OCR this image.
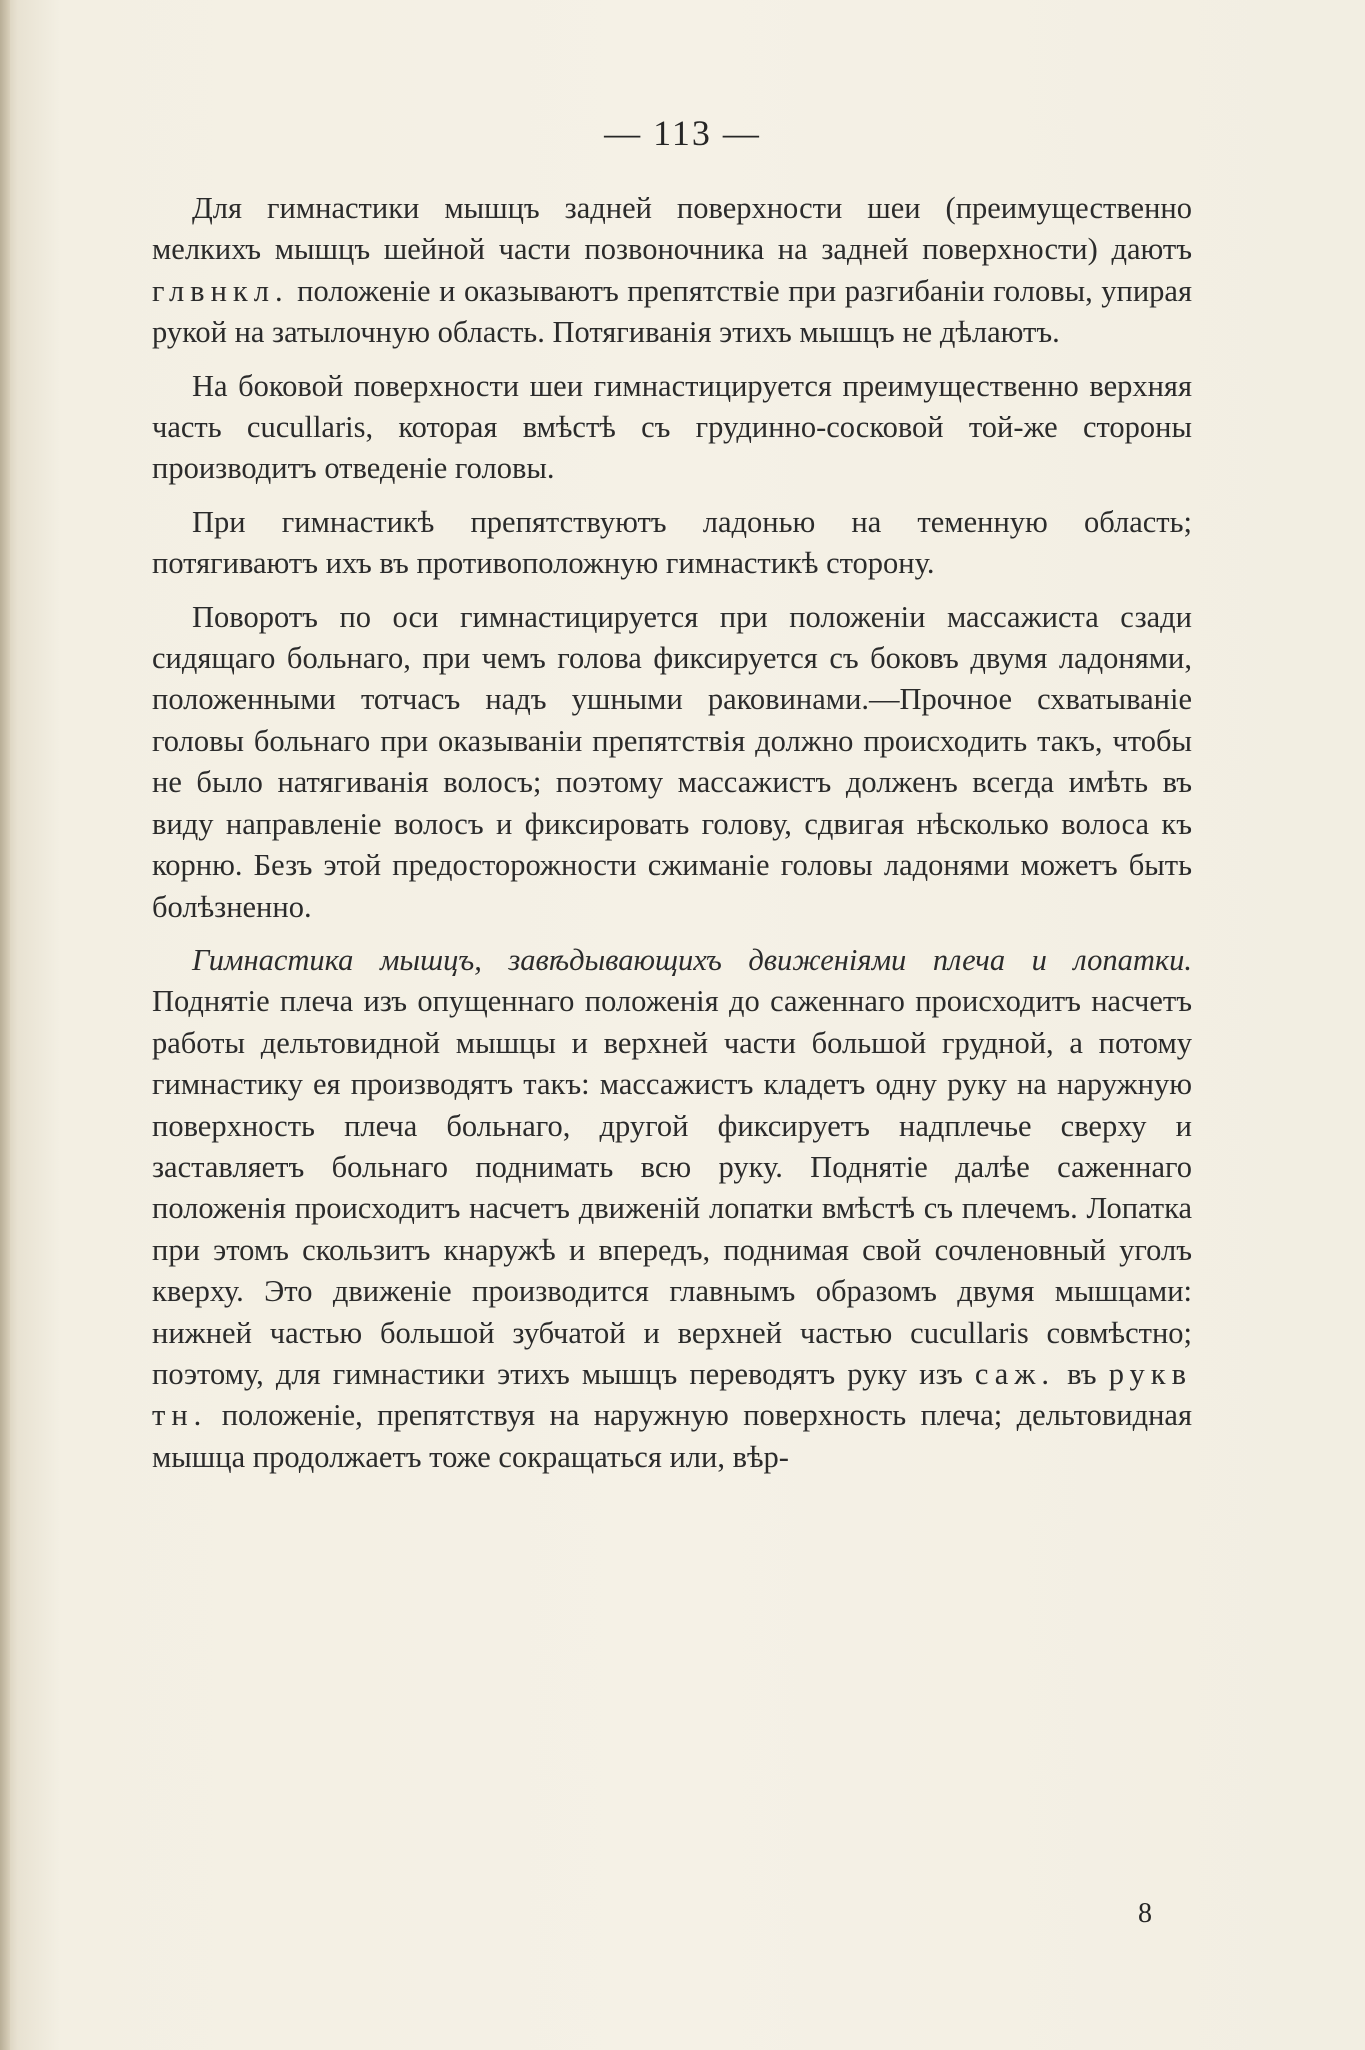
— 113 —

Для гимнастики мышцъ задней поверхности шеи (преимущественно мелкихъ мышцъ шейной части позвоночника на задней поверхности) даютъ глвнкл. положенiе и оказываютъ препятствiе при разгибанiи головы, упирая рукой на затылочную область. Потягиванiя этихъ мышцъ не дѣлаютъ.

На боковой поверхности шеи гимнастицируется преимущественно верхняя часть cucullaris, которая вмѣстѣ съ грудинно-сосковой той-же стороны производитъ отведенiе головы.

При гимнастикѣ препятствуютъ ладонью на теменную область; потягиваютъ ихъ въ противоположную гимнастикѣ сторону.

Поворотъ по оси гимнастицируется при положенiи массажиста сзади сидящаго больнаго, при чемъ голова фиксируется съ боковъ двумя ладонями, положенными тотчасъ надъ ушными раковинами.—Прочное схватыванiе головы больнаго при оказыванiи препятствiя должно происходить такъ, чтобы не было натягиванiя волосъ; поэтому массажистъ долженъ всегда имѣть въ виду направленiе волосъ и фиксировать голову, сдвигая нѣсколько волоса къ корню. Безъ этой предосторожности сжиманiе головы ладонями можетъ быть болѣзненно.

Гимнастика мышцъ, завѣдывающихъ движенiями плеча и лопатки. Поднятiе плеча изъ опущеннаго положенiя до саженнаго происходитъ насчетъ работы дельтовидной мышцы и верхней части большой грудной, а потому гимнастику ея производятъ такъ: массажистъ кладетъ одну руку на наружную поверхность плеча больнаго, другой фиксируетъ надплечье сверху и заставляетъ больнаго поднимать всю руку. Поднятiе далѣе саженнаго положенiя происходитъ насчетъ движенiй лопатки вмѣстѣ съ плечемъ. Лопатка при этомъ скользитъ кнаружѣ и впередъ, поднимая свой сочленовный уголъ кверху. Это движенiе производится главнымъ образомъ двумя мышцами: нижней частью большой зубчатой и верхней частью cucullaris совмѣстно; поэтому, для гимнастики этихъ мышцъ переводятъ руку изъ саж. въ рукв тн. положенiе, препятствуя на наружную поверхность плеча; дельтовидная мышца продолжаетъ тоже сокращаться или, вѣр-

8
